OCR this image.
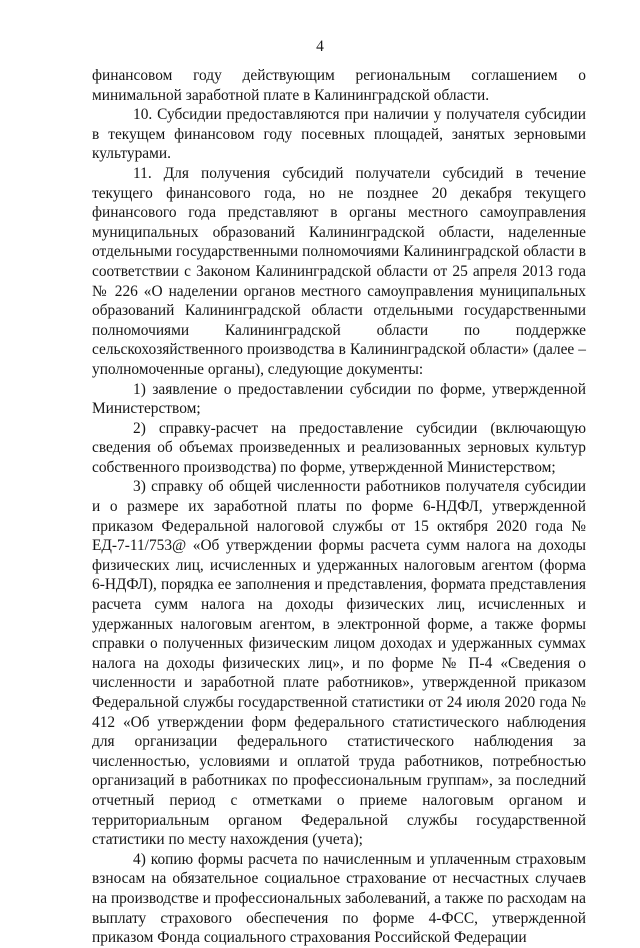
4

финансовом году действующим региональным соглашением о минимальной заработной плате в Калининградской области.

10. Субсидии предоставляются при наличии у получателя субсидии в текущем финансовом году посевных площадей, занятых зерновыми культурами.

11. Для получения субсидий получатели субсидий в течение текущего финансового года, но не позднее 20 декабря текущего финансового года представляют в органы местного самоуправления муниципальных образований Калининградской области, наделенные отдельными государственными полномочиями Калининградской области в соответствии с Законом Калининградской области от 25 апреля 2013 года № 226 «О наделении органов местного самоуправления муниципальных образований Калининградской области отдельными государственными полномочиями Калининградской области по поддержке сельскохозяйственного производства в Калининградской области» (далее – уполномоченные органы), следующие документы:

1) заявление о предоставлении субсидии по форме, утвержденной Министерством;

2) справку-расчет на предоставление субсидии (включающую сведения об объемах произведенных и реализованных зерновых культур собственного производства) по форме, утвержденной Министерством;

3) справку об общей численности работников получателя субсидии и о размере их заработной платы по форме 6-НДФЛ, утвержденной приказом Федеральной налоговой службы от 15 октября 2020 года № ЕД-7-11/753@ «Об утверждении формы расчета сумм налога на доходы физических лиц, исчисленных и удержанных налоговым агентом (форма 6-НДФЛ), порядка ее заполнения и представления, формата представления расчета сумм налога на доходы физических лиц, исчисленных и удержанных налоговым агентом, в электронной форме, а также формы справки о полученных физическим лицом доходах и удержанных суммах налога на доходы физических лиц», и по форме № П-4 «Сведения о численности и заработной плате работников», утвержденной приказом Федеральной службы государственной статистики от 24 июля 2020 года № 412 «Об утверждении форм федерального статистического наблюдения для организации федерального статистического наблюдения за численностью, условиями и оплатой труда работников, потребностью организаций в работниках по профессиональным группам», за последний отчетный период с отметками о приеме налоговым органом и территориальным органом Федеральной службы государственной статистики по месту нахождения (учета);

4) копию формы расчета по начисленным и уплаченным страховым взносам на обязательное социальное страхование от несчастных случаев на производстве и профессиональных заболеваний, а также по расходам на выплату страхового обеспечения по форме 4-ФСС, утвержденной приказом Фонда социального страхования Российской Федерации
